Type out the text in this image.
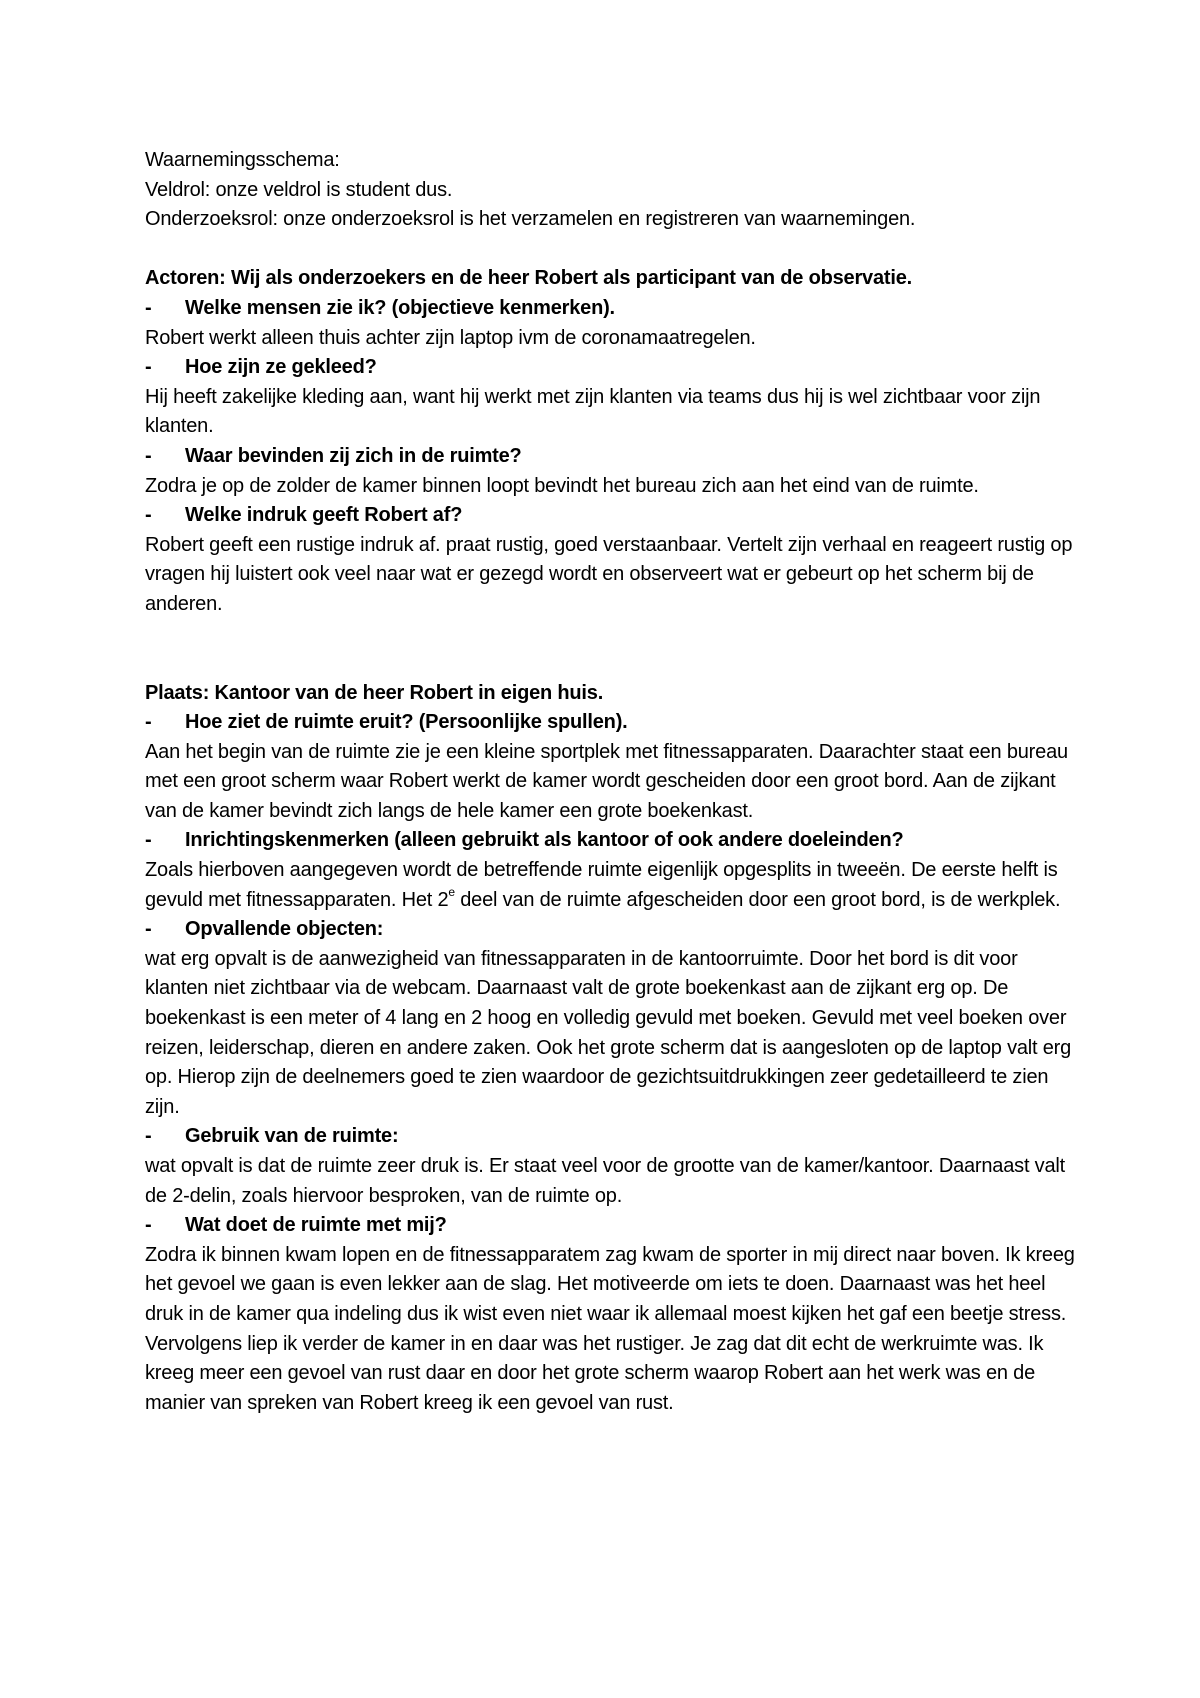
Waarnemingsschema:

Veldrol: onze veldrol is student dus.

Onderzoeksrol: onze onderzoeksrol is het verzamelen en registreren van waarnemingen.

Actoren: Wij als onderzoekers en de heer Robert als participant van de observatie.

- Welke mensen zie ik? (objectieve kenmerken).

Robert werkt alleen thuis achter zijn laptop ivm de coronamaatregelen.

- Hoe zijn ze gekleed?

Hij heeft zakelijke kleding aan, want hij werkt met zijn klanten via teams dus hij is wel zichtbaar voor zijn klanten.

- Waar bevinden zij zich in de ruimte?

Zodra je op de zolder de kamer binnen loopt bevindt het bureau zich aan het eind van de ruimte.

- Welke indruk geeft Robert af?

Robert geeft een rustige indruk af. praat rustig, goed verstaanbaar. Vertelt zijn verhaal en reageert rustig op vragen hij luistert ook veel naar wat er gezegd wordt en observeert wat er gebeurt op het scherm bij de anderen.

Plaats: Kantoor van de heer Robert in eigen huis.

- Hoe ziet de ruimte eruit? (Persoonlijke spullen).

Aan het begin van de ruimte zie je een kleine sportplek met fitnessapparaten. Daarachter staat een bureau met een groot scherm waar Robert werkt de kamer wordt gescheiden door een groot bord. Aan de zijkant van de kamer bevindt zich langs de hele kamer een grote boekenkast.

- Inrichtingskenmerken (alleen gebruikt als kantoor of ook andere doeleinden?

Zoals hierboven aangegeven wordt de betreffende ruimte eigenlijk opgesplits in tweeën. De eerste helft is gevuld met fitnessapparaten. Het 2e deel van de ruimte afgescheiden door een groot bord, is de werkplek.

- Opvallende objecten:

wat erg opvalt is de aanwezigheid van fitnessapparaten in de kantoorruimte. Door het bord is dit voor klanten niet zichtbaar via de webcam. Daarnaast valt de grote boekenkast aan de zijkant erg op. De boekenkast is een meter of 4 lang en 2 hoog en volledig gevuld met boeken. Gevuld met veel boeken over reizen, leiderschap, dieren en andere zaken. Ook het grote scherm dat is aangesloten op de laptop valt erg op. Hierop zijn de deelnemers goed te zien waardoor de gezichtsuitdrukkingen zeer gedetailleerd te zien zijn.

- Gebruik van de ruimte:

wat opvalt is dat de ruimte zeer druk is. Er staat veel voor de grootte van de kamer/kantoor. Daarnaast valt de 2-delin, zoals hiervoor besproken, van de ruimte op.

- Wat doet de ruimte met mij?

Zodra ik binnen kwam lopen en de fitnessapparatem zag kwam de sporter in mij direct naar boven. Ik kreeg het gevoel we gaan is even lekker aan de slag. Het motiveerde om iets te doen. Daarnaast was het heel druk in de kamer qua indeling dus ik wist even niet waar ik allemaal moest kijken het gaf een beetje stress. Vervolgens liep ik verder de kamer in en daar was het rustiger. Je zag dat dit echt de werkruimte was. Ik kreeg meer een gevoel van rust daar en door het grote scherm waarop Robert aan het werk was en de manier van spreken van Robert kreeg ik een gevoel van rust.
